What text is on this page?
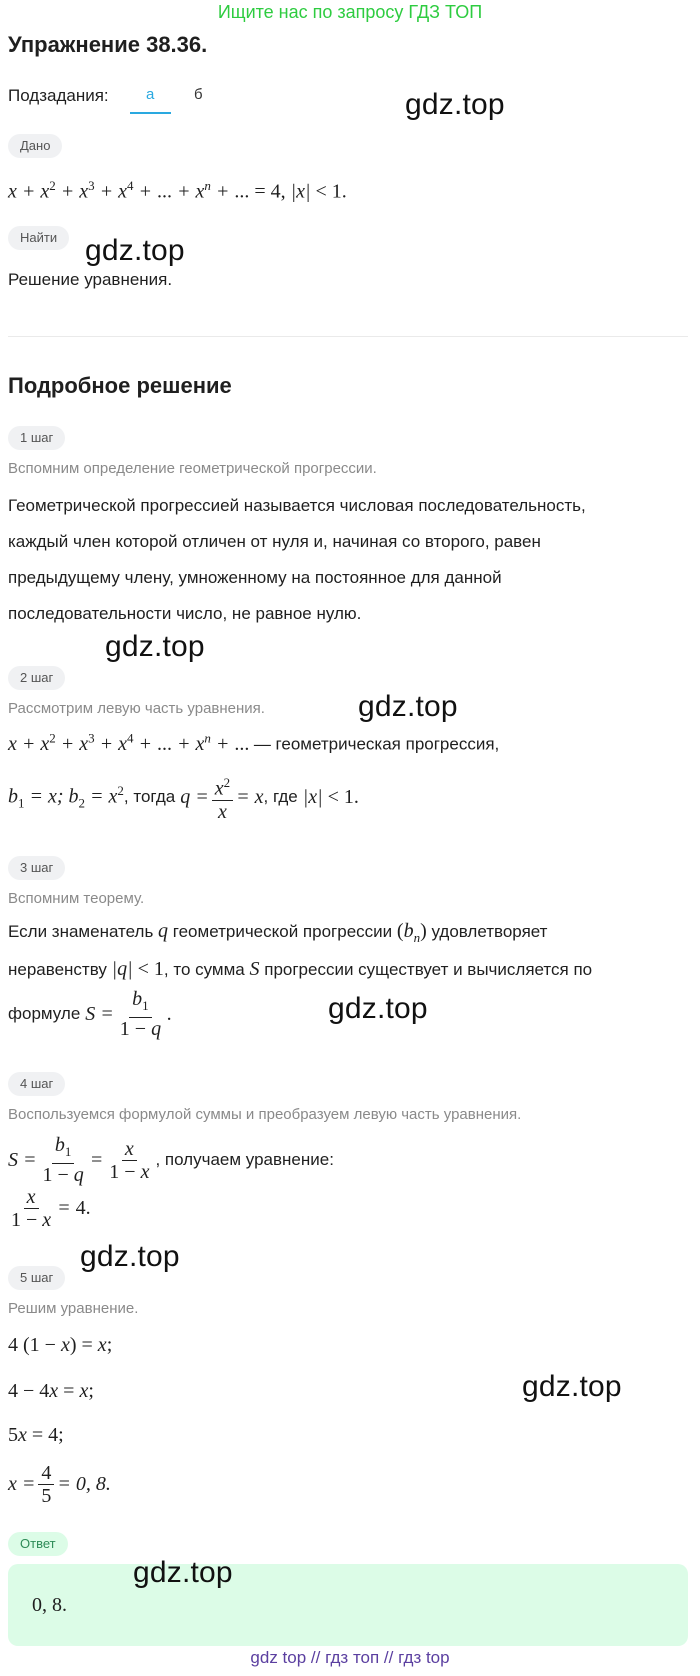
Ищите нас по запросу ГДЗ ТОП
Упражнение 38.36.
Подзадания: а	б	gdz.top
Дано
$x + x^2 + x^3 + x^4$ + ... + $x^n$ + ... = 4, |x| < 1.
Найти gdz.top
Решение уравнения.
Подробное решение
1 шаг
Вспомним определение геометрической прогрессии.
Геометрической прогрессией называется числовая последовательность,
каждый член которой отличен от нуля и, начиная со второго, равен
предыдущему члену, умноженному на постоянное для данной
последовательности число, не равное нулю.
gdz.top
2 шаг
Рассмотрим левую часть уравнения.	gdz.top
$x + x^2 + x^3 + x^4$ + ... + $x^n$ + ... — геометрическая прогрессия,
$b_1 = x$; $b_2 = x^2$ , тогда $q = \frac{x^2}{x} = x$ , где |x| < 1.
3 шаг
Вспомним теорему.
Если знаменатель q геометрической прогрессии $(b_n)$ удовлетворяет
неравенству |q| < 1, то сумма S прогрессии существует и вычисляется по
формуле $S = \frac{b_1}{1 - q}$ .	gdz.top
4 шаг
Воспользуемся формулой суммы и преобразуем левую часть уравнения.
$S = \frac{b_1}{1 - q} = \frac{x}{1 - x}$ , получаем уравнение:
$\frac{x}{1 - x} = 4$.
gdz.top
5 шаг
Решим уравнение.
4 (1 − x) = x;
4 − 4x = x;	gdz.top
5x = 4;
$x = \frac{4}{5} = 0$, 8.
Ответ
0, 8.
gdz.top
gdz top // гдз топ // гдз top
